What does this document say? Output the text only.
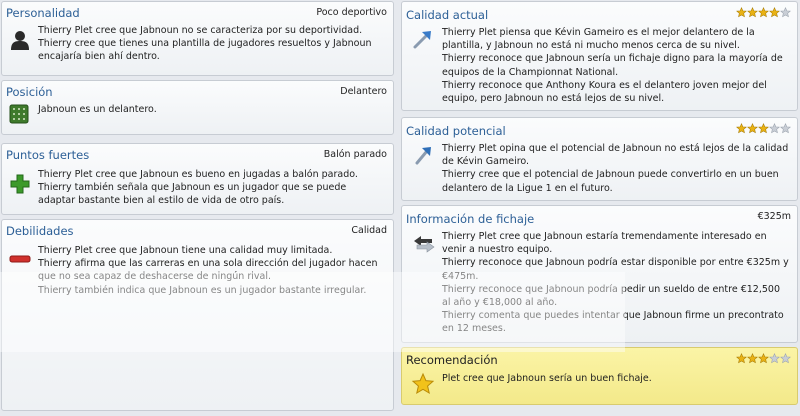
Personalidad	Poco deportivo

Thierry Plet cree que Jabnoun no se caracteriza por su deportividad.

Thierry cree que tienes una plantilla de jugadores resueltos y Jabnoun encajaría bien ahí dentro.

Posición	Delantero

Jabnoun es un delantero.

Puntos fuertes	Balón parado

Thierry Plet cree que Jabnoun es bueno en jugadas a balón parado.

Thierry también señala que Jabnoun es un jugador que se puede adaptar bastante bien al estilo de vida de otro país.

Debilidades	Calidad

Thierry Plet cree que Jabnoun tiene una calidad muy limitada.

Thierry afirma que las carreras en una sola dirección del jugador hacen que no sea capaz de deshacerse de ningún rival.

Thierry también indica que Jabnoun es un jugador bastante irregular.

Calidad actual

Thierry Plet piensa que Kévin Gameiro es el mejor delantero de la plantilla, y Jabnoun no está ni mucho menos cerca de su nivel.

Thierry reconoce que Jabnoun sería un fichaje digno para la mayoría de equipos de la Championnat National.

Thierry reconoce que Anthony Koura es el delantero joven mejor del equipo, pero Jabnoun no está lejos de su nivel.

Calidad potencial

Thierry Plet opina que el potencial de Jabnoun no está lejos de la calidad de Kévin Gameiro.

Thierry cree que el potencial de Jabnoun puede convertirlo en un buen delantero de la Ligue 1 en el futuro.

Información de fichaje	€325m

Thierry Plet cree que Jabnoun estaría tremendamente interesado en venir a nuestro equipo.

Thierry reconoce que Jabnoun podría estar disponible por entre €325m y €475m.

Thierry reconoce que Jabnoun podría pedir un sueldo de entre €12,500 al año y €18,000 al año.

Thierry comenta que puedes intentar que Jabnoun firme un precontrato en 12 meses.

Recomendación

Plet cree que Jabnoun sería un buen fichaje.
